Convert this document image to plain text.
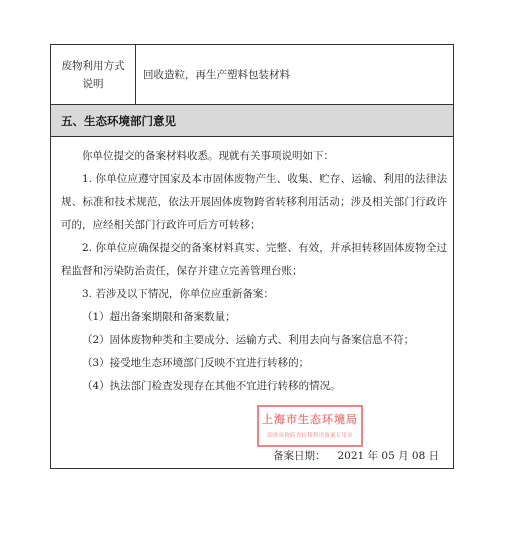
废物利用方式说明
回收造粒，再生产塑料包装材料
五、生态环境部门意见

你单位提交的备案材料收悉。现就有关事项说明如下：

1. 你单位应遵守国家及本市固体废物产生、收集、贮存、运输、利用的法律法规、标准和技术规范，依法开展固体废物跨省转移利用活动；涉及相关部门行政许可的，应经相关部门行政许可后方可转移；

2. 你单位应确保提交的备案材料真实、完整、有效，并承担转移固体废物全过程监督和污染防治责任，保存并建立完善管理台账；

3. 若涉及以下情况，你单位应重新备案：

（1）超出备案期限和备案数量；

（2）固体废物种类和主要成分、运输方式、利用去向与备案信息不符；

（3）接受地生态环境部门反映不宜进行转移的；

（4）执法部门检查发现存在其他不宜进行转移的情况。

上海市生态环境局
固体废物跨省转移利用备案专用章
备案日期： 2021 年 05 月 08 日
